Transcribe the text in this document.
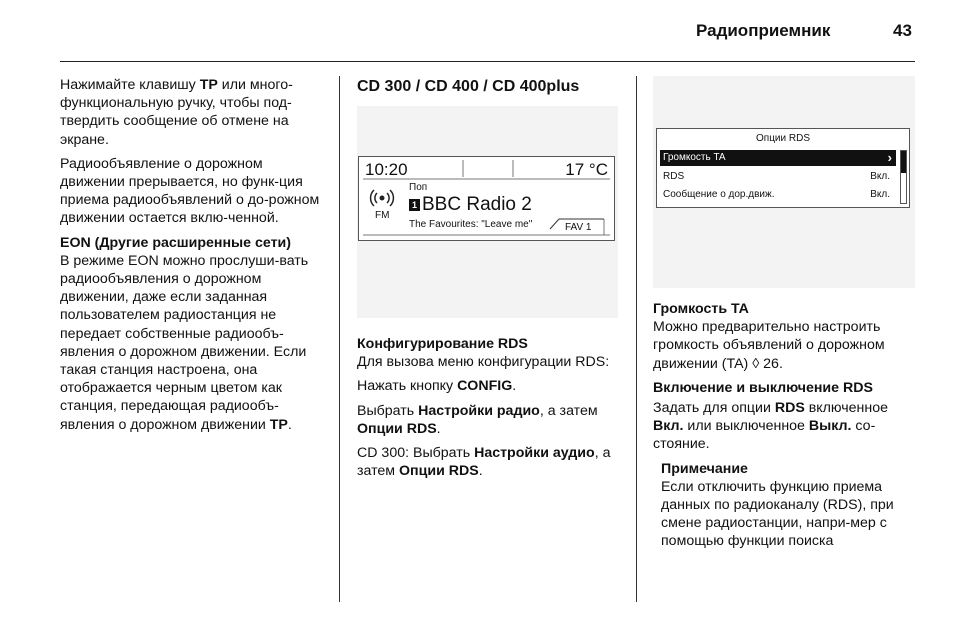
Радиоприемник	43

Нажимайте клавишу TP или много-функциональную ручку, чтобы под-твердить сообщение об отмене на экране.

Радиообъявление о дорожном движении прерывается, но функ-ция приема радиообъявлений о до-рожном движении остается вклю-ченной.

EON (Другие расширенные сети)

В режиме EON можно прослуши-вать радиообъявления о дорожном движении, даже если заданная пользователем радиостанция не передает собственные радиообъ-явления о дорожном движении. Если такая станция настроена, она отображается черным цветом как станция, передающая радиообъ-явления о дорожном движении TP.

CD 300 / CD 400 / CD 400plus
10:20	17 °C
FM
Поп
1 BBC Radio 2
The Favourites: "Leave me"	FAV 1
Конфигурирование RDS

Для вызова меню конфигурации RDS:

Нажать кнопку CONFIG.

Выбрать Настройки радио, а затем Опции RDS.

CD 300: Выбрать Настройки аудио, а затем Опции RDS.

Опции RDS
Громкость TA	›
RDS	Вкл.
Сообщение о дор.движ.	Вкл.
Громкость TA

Можно предварительно настроить громкость объявлений о дорожном движении (TA) ◊ 26.

Включение и выключение RDS

Задать для опции RDS включенное Вкл. или выключенное Выкл. со-стояние.

Примечание
Если отключить функцию приема данных по радиоканалу (RDS), при смене радиостанции, напри-мер с помощью функции поиска
